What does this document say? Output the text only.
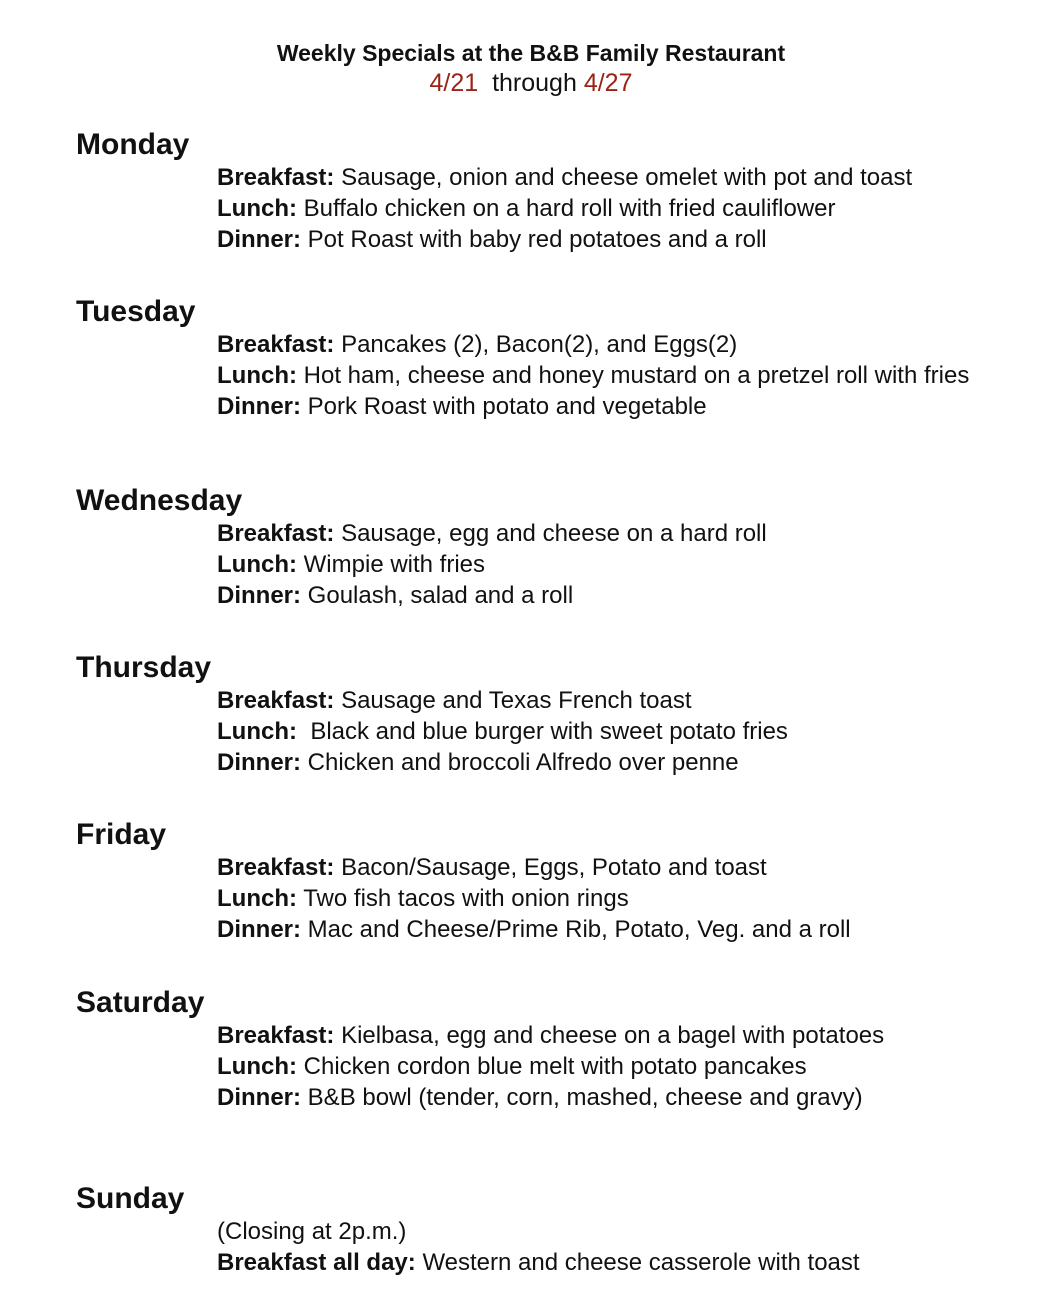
Weekly Specials at the B&B Family Restaurant
4/21 through 4/27
Monday

Breakfast: Sausage, onion and cheese omelet with pot and toast

Lunch: Buffalo chicken on a hard roll with fried cauliflower

Dinner: Pot Roast with baby red potatoes and a roll

Tuesday

Breakfast: Pancakes (2), Bacon(2), and Eggs(2)

Lunch: Hot ham, cheese and honey mustard on a pretzel roll with fries

Dinner: Pork Roast with potato and vegetable

Wednesday

Breakfast: Sausage, egg and cheese on a hard roll

Lunch: Wimpie with fries

Dinner: Goulash, salad and a roll

Thursday

Breakfast: Sausage and Texas French toast

Lunch:  Black and blue burger with sweet potato fries

Dinner: Chicken and broccoli Alfredo over penne

Friday

Breakfast: Bacon/Sausage, Eggs, Potato and toast

Lunch: Two fish tacos with onion rings

Dinner: Mac and Cheese/Prime Rib, Potato, Veg. and a roll

Saturday

Breakfast: Kielbasa, egg and cheese on a bagel with potatoes

Lunch: Chicken cordon blue melt with potato pancakes

Dinner: B&B bowl (tender, corn, mashed, cheese and gravy)

Sunday

(Closing at 2p.m.)

Breakfast all day: Western and cheese casserole with toast
